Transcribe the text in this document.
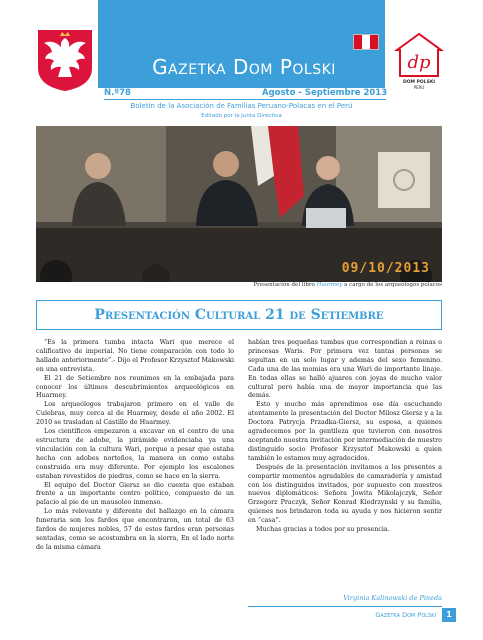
Gazetka Dom Polski	dp
DOM POLSKI
PERÚ
N.º78	Agosto - Septiembre 2013
Boletín de la Asociación de Familias Peruano-Polacas en el Perú
Editado por la Junta Directiva
09/10/2013
Presentación del libro Huarmey a cargo de los arqueologos polacos
Presentación Cultural 21 de Setiembre

“Es la primera tumba intacta Wari que merece el calificativo de imperial. No tiene comparación con todo lo hallado anteriormente”.- Dijo el Profesor Krzysztof Makowski en una entrevista.

El 21 de Setiembre nos reunimos en la embajada para conocer los últimos descubrimientos arqueológicos en Huarmey.

Los arqueólogos trabajaron primero en el valle de Culebras, muy cerca al de Huarmey, desde el año 2002. El 2010 se trasladan al Castillo de Huarmey.

Los científicos empezaron a excavar en el centro de una estructura de adobe, la pirámide evidenciaba ya una vinculación con la cultura Wari, porque a pesar que estaba hecha con adobes norteños, la manera en como estaba construida era muy diferente. Por ejemplo los escalones estaban revestidos de piedras, como se hace en la sierra.

El equipo del Doctor Giersz se dio cuenta que estaban frente a un importante centro político, compuesto de un palacio al pie de un mausoleo inmenso.

Lo más relevante y diferente del hallazgo en la cámara funeraria son los fardos que encontraron, un total de 63 fardos de mujeres nobles, 57 de estos fardos eran personas sentadas, como se acostumbra en la sierra, En el lado norte de la misma cámara

habían tres pequeñas tumbas que correspondían a reinas o princesas Waris. Por primera vez tantas personas se sepultan en un solo lugar y además del sexo femenino. Cada una de las momias era una Wari de importante linaje. En todas ellas se halló ajuares con joyas de mucho valor cultural pero había una de mayor importancia que las demás.

Esto y mucho más aprendimos ese día escuchando atentamente la presentación del Doctor Milosz Giersz y a la Doctora Patrycja Przadka-Giersz, su esposa, a quienes agradecemos por la gentileza que tuvieron con nosotros aceptando nuestra invitación por intermediación de nuestro distinguido socio Profesor Krzysztof Makowski a quien también le estamos muy agradecidos.

Después de la presentación invitamos a los presentes a compartir momentos agradables de camaradería y amistad con los distinguidos invitados, por supuesto con nuestros nuevos diplomáticos: Señora Jowita Mikolajczyk, Señor Grzegorz Praczyk, Señor Konrad Kiedrzynski y su familia, quienes nos brindaron toda su ayuda y nos hicieron sentir en “casa”.

Muchas gracias a todos por su presencia.

Virginia Kalinowski de Pineda
Gazetka Dom Polski	1
